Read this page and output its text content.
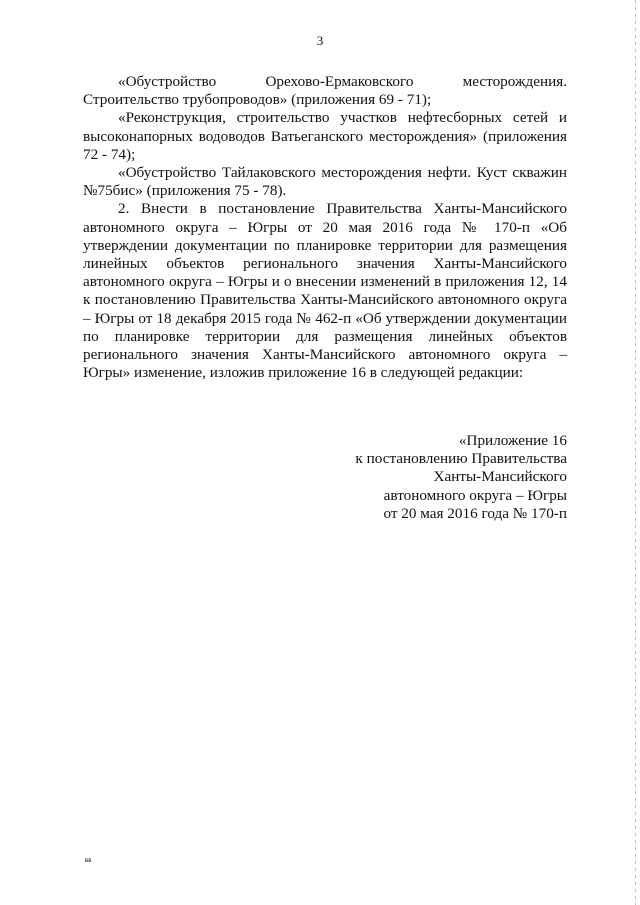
3

«Обустройство Орехово-Ермаковского месторождения. Строительство трубопроводов» (приложения 69 - 71);

«Реконструкция, строительство участков нефтесборных сетей и высоконапорных водоводов Ватьеганского месторождения» (приложения 72 - 74);

«Обустройство Тайлаковского месторождения нефти. Куст скважин №75бис» (приложения 75 - 78).

2. Внести в постановление Правительства Ханты-Мансийского автономного округа – Югры от 20 мая 2016 года № 170-п «Об утверждении документации по планировке территории для размещения линейных объектов регионального значения Ханты-Мансийского автономного округа – Югры и о внесении изменений в приложения 12, 14 к постановлению Правительства Ханты-Мансийского автономного округа – Югры от 18 декабря 2015 года № 462-п «Об утверждении документации по планировке территории для размещения линейных объектов регионального значения Ханты-Мансийского автономного округа – Югры» изменение, изложив приложение 16 в следующей редакции:

«Приложение 16
к постановлению Правительства
Ханты-Мансийского
автономного округа – Югры
от 20 мая 2016 года № 170-п
вв
